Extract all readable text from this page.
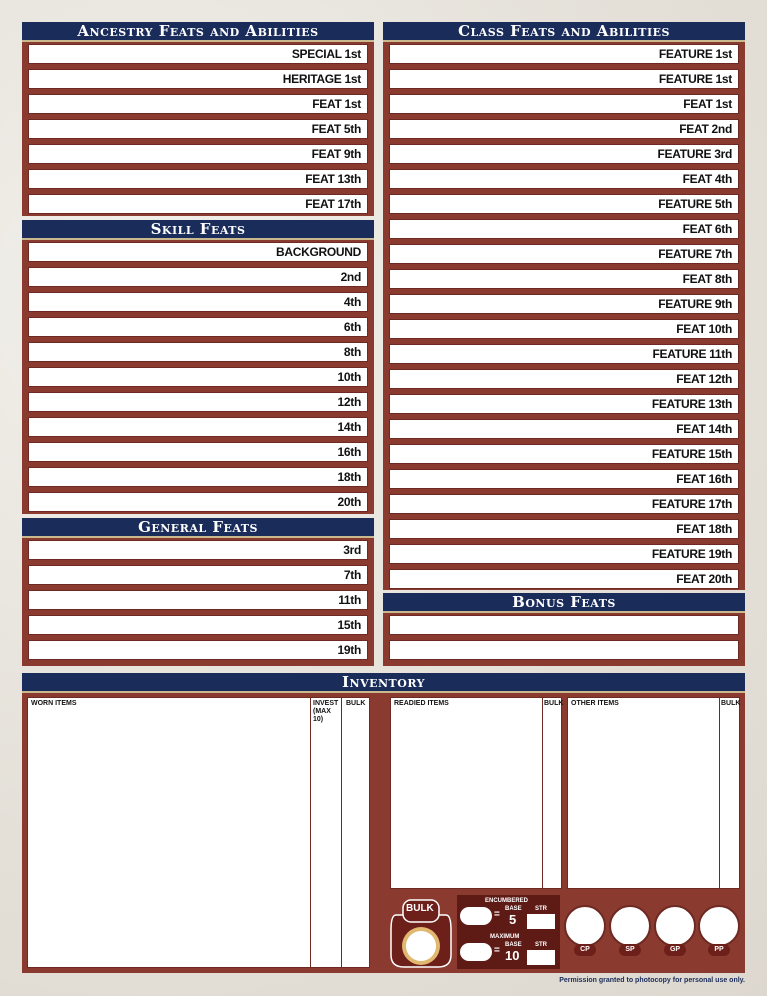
Ancestry Feats and Abilities
SPECIAL 1st
HERITAGE 1st
FEAT 1st
FEAT 5th
FEAT 9th
FEAT 13th
FEAT 17th
Skill Feats
BACKGROUND
2nd
4th
6th
8th
10th
12th
14th
16th
18th
20th
General Feats
3rd
7th
11th
15th
19th
Class Feats and Abilities
FEATURE 1st
FEATURE 1st
FEAT 1st
FEAT 2nd
FEATURE 3rd
FEAT 4th
FEATURE 5th
FEAT 6th
FEATURE 7th
FEAT 8th
FEATURE 9th
FEAT 10th
FEATURE 11th
FEAT 12th
FEATURE 13th
FEAT 14th
FEATURE 15th
FEAT 16th
FEATURE 17th
FEAT 18th
FEATURE 19th
FEAT 20th
Bonus Feats
Inventory
WORN ITEMS	INVEST (MAX 10)
BULK	READIED ITEMS	BULK OTHER ITEMS	BULK
BULK
ENCUMBERED
BASE STR
= 5
MAXIMUM
BASE STR
= 10	CP	SP	GP	PP
Permission granted to photocopy for personal use only.
